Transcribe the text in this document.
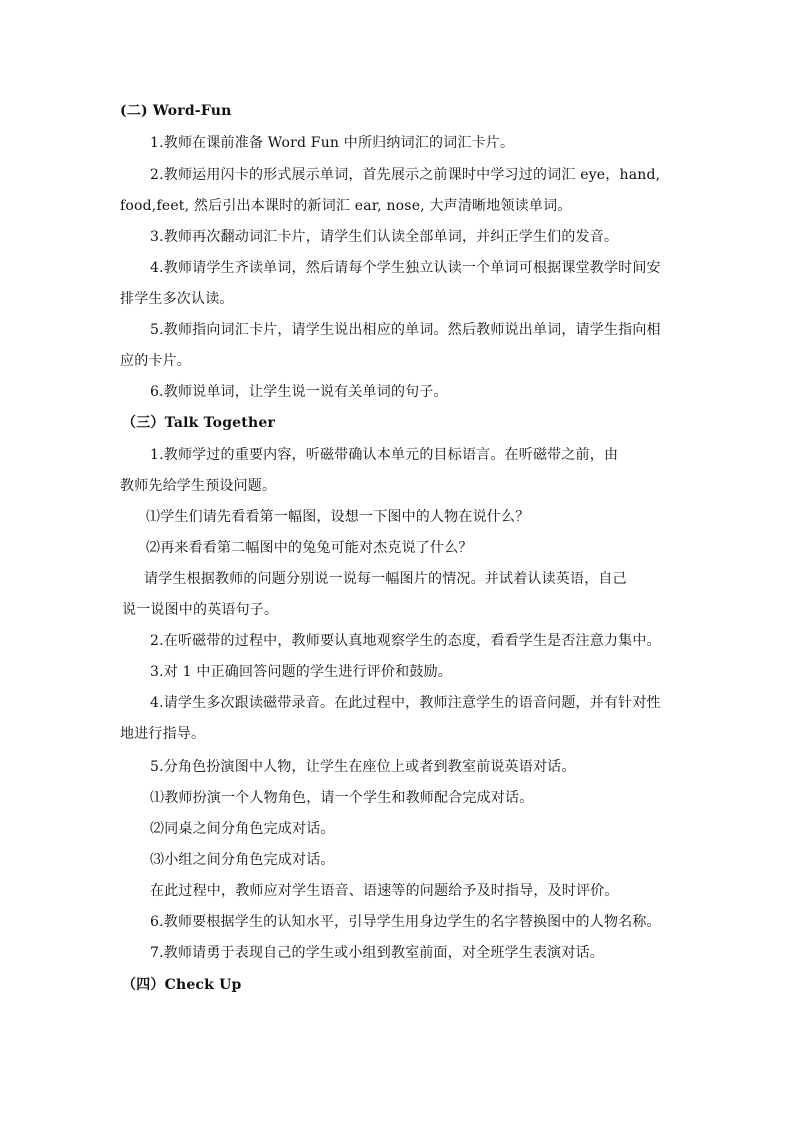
(二) Word-Fun
1.教师在课前准备 Word Fun 中所归纳词汇的词汇卡片。
2.教师运用闪卡的形式展示单词，首先展示之前课时中学习过的词汇 eye，hand,
food,feet, 然后引出本课时的新词汇 ear, nose, 大声清晰地领读单词。
3.教师再次翻动词汇卡片，请学生们认读全部单词，并纠正学生们的发音。
4.教师请学生齐读单词，然后请每个学生独立认读一个单词可根据课堂教学时间安
排学生多次认读。
5.教师指向词汇卡片，请学生说出相应的单词。然后教师说出单词，请学生指向相
应的卡片。
6.教师说单词，让学生说一说有关单词的句子。
（三）Talk Together
1.教师学过的重要内容，听磁带确认本单元的目标语言。在听磁带之前，由
教师先给学生预设问题。
⑴学生们请先看看第一幅图，设想一下图中的人物在说什么？
⑵再来看看第二幅图中的兔兔可能对杰克说了什么？
请学生根据教师的问题分别说一说每一幅图片的情况。并试着认读英语，自己
说一说图中的英语句子。
2.在听磁带的过程中，教师要认真地观察学生的态度，看看学生是否注意力集中。
3.对 1 中正确回答问题的学生进行评价和鼓励。
4.请学生多次跟读磁带录音。在此过程中，教师注意学生的语音问题，并有针对性
地进行指导。
5.分角色扮演图中人物，让学生在座位上或者到教室前说英语对话。
⑴教师扮演一个人物角色，请一个学生和教师配合完成对话。
⑵同桌之间分角色完成对话。
⑶小组之间分角色完成对话。
在此过程中，教师应对学生语音、语速等的问题给予及时指导，及时评价。
6.教师要根据学生的认知水平，引导学生用身边学生的名字替换图中的人物名称。
7.教师请勇于表现自己的学生或小组到教室前面，对全班学生表演对话。
（四）Check Up
